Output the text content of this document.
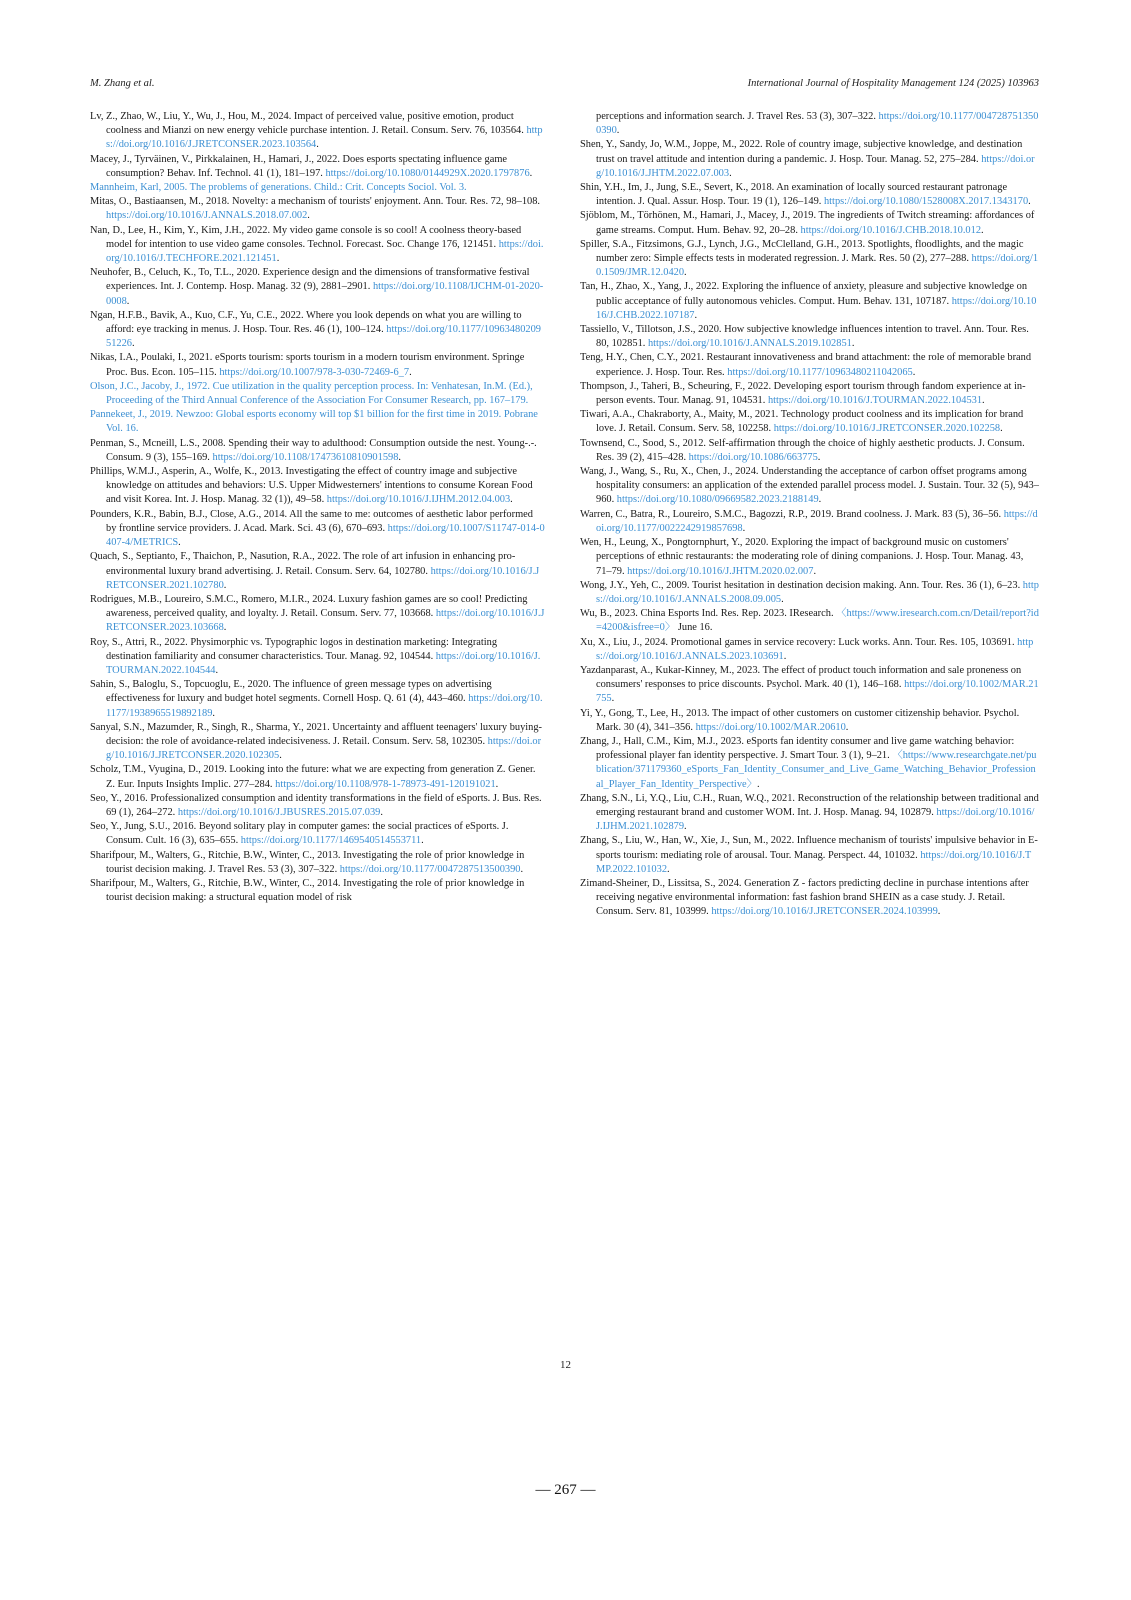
M. Zhang et al.	International Journal of Hospitality Management 124 (2025) 103963

Lv, Z., Zhao, W., Liu, Y., Wu, J., Hou, M., 2024. Impact of perceived value, positive emotion, product coolness and Mianzi on new energy vehicle purchase intention. J. Retail. Consum. Serv. 76, 103564. https://doi.org/10.1016/J.JRETCONSER.2023.103564.

Macey, J., Tyrväinen, V., Pirkkalainen, H., Hamari, J., 2022. Does esports spectating influence game consumption? Behav. Inf. Technol. 41 (1), 181–197. https://doi.org/10.1080/0144929X.2020.1797876.

Mannheim, Karl, 2005. The problems of generations. Child.: Crit. Concepts Sociol. Vol. 3.

Mitas, O., Bastiaansen, M., 2018. Novelty: a mechanism of tourists' enjoyment. Ann. Tour. Res. 72, 98–108. https://doi.org/10.1016/J.ANNALS.2018.07.002.

Nan, D., Lee, H., Kim, Y., Kim, J.H., 2022. My video game console is so cool! A coolness theory-based model for intention to use video game consoles. Technol. Forecast. Soc. Change 176, 121451. https://doi.org/10.1016/J.TECHFORE.2021.121451.

Neuhofer, B., Celuch, K., To, T.L., 2020. Experience design and the dimensions of transformative festival experiences. Int. J. Contemp. Hosp. Manag. 32 (9), 2881–2901. https://doi.org/10.1108/IJCHM-01-2020-0008.

Ngan, H.F.B., Bavik, A., Kuo, C.F., Yu, C.E., 2022. Where you look depends on what you are willing to afford: eye tracking in menus. J. Hosp. Tour. Res. 46 (1), 100–124. https://doi.org/10.1177/1096348020951226.

Nikas, I.A., Poulaki, I., 2021. eSports tourism: sports tourism in a modern tourism environment. Springe Proc. Bus. Econ. 105–115. https://doi.org/10.1007/978-3-030-72469-6_7.

Olson, J.C., Jacoby, J., 1972. Cue utilization in the quality perception process. In: Venhatesan, In.M. (Ed.), Proceeding of the Third Annual Conference of the Association For Consumer Research, pp. 167–179.

Pannekeet, J., 2019. Newzoo: Global esports economy will top $1 billion for the first time in 2019. Pobrane Vol. 16.

Penman, S., Mcneill, L.S., 2008. Spending their way to adulthood: Consumption outside the nest. Young-.-. Consum. 9 (3), 155–169. https://doi.org/10.1108/17473610810901598.

Phillips, W.M.J., Asperin, A., Wolfe, K., 2013. Investigating the effect of country image and subjective knowledge on attitudes and behaviors: U.S. Upper Midwesterners' intentions to consume Korean Food and visit Korea. Int. J. Hosp. Manag. 32 (1)), 49–58. https://doi.org/10.1016/J.IJHM.2012.04.003.

Pounders, K.R., Babin, B.J., Close, A.G., 2014. All the same to me: outcomes of aesthetic labor performed by frontline service providers. J. Acad. Mark. Sci. 43 (6), 670–693. https://doi.org/10.1007/S11747-014-0407-4/METRICS.

Quach, S., Septianto, F., Thaichon, P., Nasution, R.A., 2022. The role of art infusion in enhancing pro-environmental luxury brand advertising. J. Retail. Consum. Serv. 64, 102780. https://doi.org/10.1016/J.JRETCONSER.2021.102780.

Rodrigues, M.B., Loureiro, S.M.C., Romero, M.I.R., 2024. Luxury fashion games are so cool! Predicting awareness, perceived quality, and loyalty. J. Retail. Consum. Serv. 77, 103668. https://doi.org/10.1016/J.JRETCONSER.2023.103668.

Roy, S., Attri, R., 2022. Physimorphic vs. Typographic logos in destination marketing: Integrating destination familiarity and consumer characteristics. Tour. Manag. 92, 104544. https://doi.org/10.1016/J.TOURMAN.2022.104544.

Sahin, S., Baloglu, S., Topcuoglu, E., 2020. The influence of green message types on advertising effectiveness for luxury and budget hotel segments. Cornell Hosp. Q. 61 (4), 443–460. https://doi.org/10.1177/1938965519892189.

Sanyal, S.N., Mazumder, R., Singh, R., Sharma, Y., 2021. Uncertainty and affluent teenagers' luxury buying-decision: the role of avoidance-related indecisiveness. J. Retail. Consum. Serv. 58, 102305. https://doi.org/10.1016/J.JRETCONSER.2020.102305.

Scholz, T.M., Vyugina, D., 2019. Looking into the future: what we are expecting from generation Z. Gener. Z. Eur. Inputs Insights Implic. 277–284. https://doi.org/10.1108/978-1-78973-491-120191021.

Seo, Y., 2016. Professionalized consumption and identity transformations in the field of eSports. J. Bus. Res. 69 (1), 264–272. https://doi.org/10.1016/J.JBUSRES.2015.07.039.

Seo, Y., Jung, S.U., 2016. Beyond solitary play in computer games: the social practices of eSports. J. Consum. Cult. 16 (3), 635–655. https://doi.org/10.1177/1469540514553711.

Sharifpour, M., Walters, G., Ritchie, B.W., Winter, C., 2013. Investigating the role of prior knowledge in tourist decision making. J. Travel Res. 53 (3), 307–322. https://doi.org/10.1177/0047287513500390.

Sharifpour, M., Walters, G., Ritchie, B.W., Winter, C., 2014. Investigating the role of prior knowledge in tourist decision making: a structural equation model of risk

perceptions and information search. J. Travel Res. 53 (3), 307–322. https://doi.org/10.1177/0047287513500390.

Shen, Y., Sandy, Jo, W.M., Joppe, M., 2022. Role of country image, subjective knowledge, and destination trust on travel attitude and intention during a pandemic. J. Hosp. Tour. Manag. 52, 275–284. https://doi.org/10.1016/J.JHTM.2022.07.003.

Shin, Y.H., Im, J., Jung, S.E., Severt, K., 2018. An examination of locally sourced restaurant patronage intention. J. Qual. Assur. Hosp. Tour. 19 (1), 126–149. https://doi.org/10.1080/1528008X.2017.1343170.

Sjöblom, M., Törhönen, M., Hamari, J., Macey, J., 2019. The ingredients of Twitch streaming: affordances of game streams. Comput. Hum. Behav. 92, 20–28. https://doi.org/10.1016/J.CHB.2018.10.012.

Spiller, S.A., Fitzsimons, G.J., Lynch, J.G., McClelland, G.H., 2013. Spotlights, floodlights, and the magic number zero: Simple effects tests in moderated regression. J. Mark. Res. 50 (2), 277–288. https://doi.org/10.1509/JMR.12.0420.

Tan, H., Zhao, X., Yang, J., 2022. Exploring the influence of anxiety, pleasure and subjective knowledge on public acceptance of fully autonomous vehicles. Comput. Hum. Behav. 131, 107187. https://doi.org/10.1016/J.CHB.2022.107187.

Tassiello, V., Tillotson, J.S., 2020. How subjective knowledge influences intention to travel. Ann. Tour. Res. 80, 102851. https://doi.org/10.1016/J.ANNALS.2019.102851.

Teng, H.Y., Chen, C.Y., 2021. Restaurant innovativeness and brand attachment: the role of memorable brand experience. J. Hosp. Tour. Res. https://doi.org/10.1177/10963480211042065.

Thompson, J., Taheri, B., Scheuring, F., 2022. Developing esport tourism through fandom experience at in-person events. Tour. Manag. 91, 104531. https://doi.org/10.1016/J.TOURMAN.2022.104531.

Tiwari, A.A., Chakraborty, A., Maity, M., 2021. Technology product coolness and its implication for brand love. J. Retail. Consum. Serv. 58, 102258. https://doi.org/10.1016/J.JRETCONSER.2020.102258.

Townsend, C., Sood, S., 2012. Self-affirmation through the choice of highly aesthetic products. J. Consum. Res. 39 (2), 415–428. https://doi.org/10.1086/663775.

Wang, J., Wang, S., Ru, X., Chen, J., 2024. Understanding the acceptance of carbon offset programs among hospitality consumers: an application of the extended parallel process model. J. Sustain. Tour. 32 (5), 943–960. https://doi.org/10.1080/09669582.2023.2188149.

Warren, C., Batra, R., Loureiro, S.M.C., Bagozzi, R.P., 2019. Brand coolness. J. Mark. 83 (5), 36–56. https://doi.org/10.1177/0022242919857698.

Wen, H., Leung, X., Pongtornphurt, Y., 2020. Exploring the impact of background music on customers' perceptions of ethnic restaurants: the moderating role of dining companions. J. Hosp. Tour. Manag. 43, 71–79. https://doi.org/10.1016/J.JHTM.2020.02.007.

Wong, J.Y., Yeh, C., 2009. Tourist hesitation in destination decision making. Ann. Tour. Res. 36 (1), 6–23. https://doi.org/10.1016/J.ANNALS.2008.09.005.

Wu, B., 2023. China Esports Ind. Res. Rep. 2023. IResearch. 〈https://www.iresearch.com.cn/Detail/report?id=4200&isfree=0〉 June 16.

Xu, X., Liu, J., 2024. Promotional games in service recovery: Luck works. Ann. Tour. Res. 105, 103691. https://doi.org/10.1016/J.ANNALS.2023.103691.

Yazdanparast, A., Kukar-Kinney, M., 2023. The effect of product touch information and sale proneness on consumers' responses to price discounts. Psychol. Mark. 40 (1), 146–168. https://doi.org/10.1002/MAR.21755.

Yi, Y., Gong, T., Lee, H., 2013. The impact of other customers on customer citizenship behavior. Psychol. Mark. 30 (4), 341–356. https://doi.org/10.1002/MAR.20610.

Zhang, J., Hall, C.M., Kim, M.J., 2023. eSports fan identity consumer and live game watching behavior: professional player fan identity perspective. J. Smart Tour. 3 (1), 9–21. 〈https://www.researchgate.net/publication/371179360_eSports_Fan_Identity_Consumer_and_Live_Game_Watching_Behavior_Professional_Player_Fan_Identity_Perspective〉.

Zhang, S.N., Li, Y.Q., Liu, C.H., Ruan, W.Q., 2021. Reconstruction of the relationship between traditional and emerging restaurant brand and customer WOM. Int. J. Hosp. Manag. 94, 102879. https://doi.org/10.1016/J.IJHM.2021.102879.

Zhang, S., Liu, W., Han, W., Xie, J., Sun, M., 2022. Influence mechanism of tourists' impulsive behavior in E-sports tourism: mediating role of arousal. Tour. Manag. Perspect. 44, 101032. https://doi.org/10.1016/J.TMP.2022.101032.

Zimand-Sheiner, D., Lissitsa, S., 2024. Generation Z - factors predicting decline in purchase intentions after receiving negative environmental information: fast fashion brand SHEIN as a case study. J. Retail. Consum. Serv. 81, 103999. https://doi.org/10.1016/J.JRETCONSER.2024.103999.

12
— 267 —
